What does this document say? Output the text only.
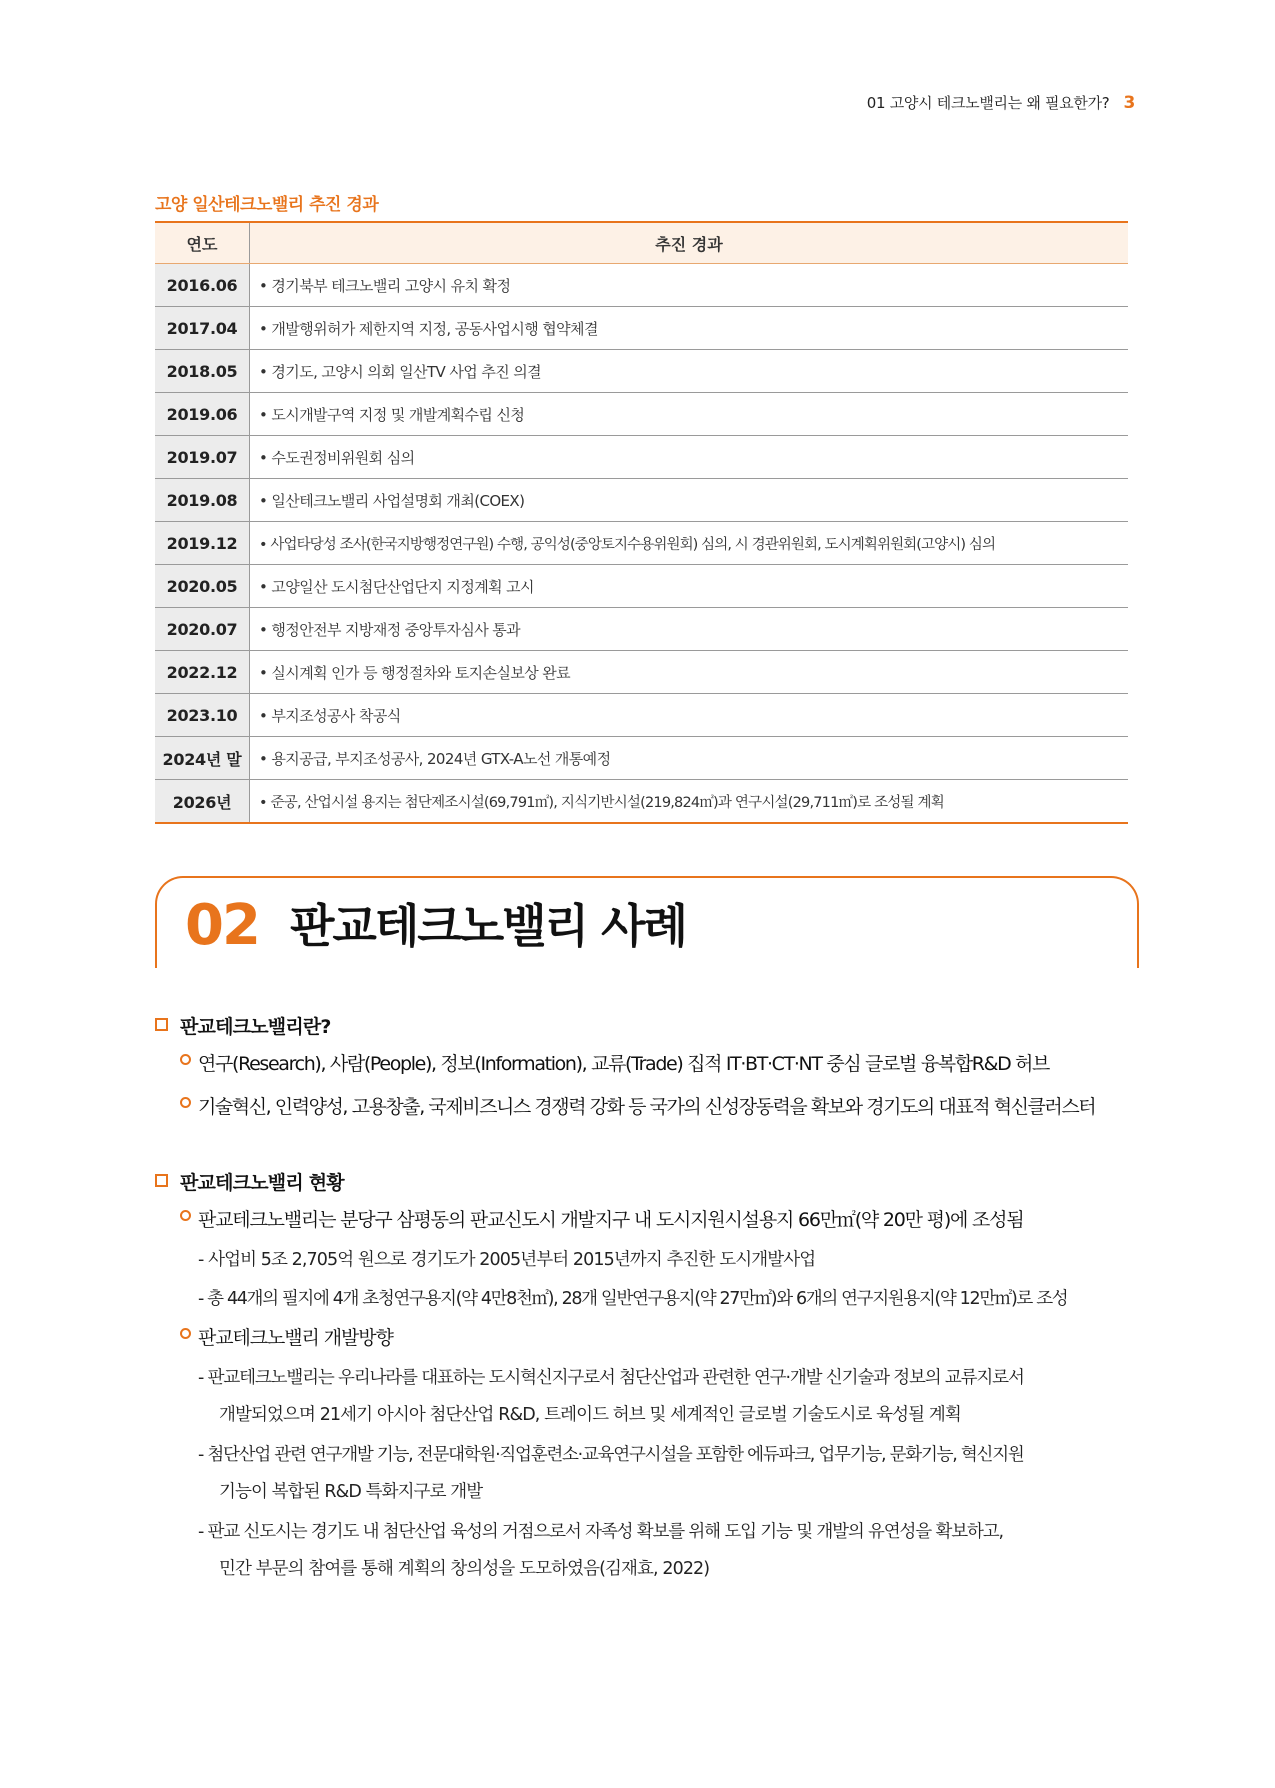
01 고양시 테크노밸리는 왜 필요한가? 3
고양 일산테크노밸리 추진 경과
연도	추진 경과
2016.06	• 경기북부 테크노밸리 고양시 유치 확정
2017.04	• 개발행위허가 제한지역 지정, 공동사업시행 협약체결
2018.05	• 경기도, 고양시 의회 일산TV 사업 추진 의결
2019.06	• 도시개발구역 지정 및 개발계획수립 신청
2019.07	• 수도권정비위원회 심의
2019.08	• 일산테크노밸리 사업설명회 개최(COEX)
2019.12	• 사업타당성 조사(한국지방행정연구원) 수행, 공익성(중앙토지수용위원회) 심의, 시 경관위원회, 도시계획위원회(고양시) 심의
2020.05	• 고양일산 도시첨단산업단지 지정계획 고시
2020.07	• 행정안전부 지방재정 중앙투자심사 통과
2022.12	• 실시계획 인가 등 행정절차와 토지손실보상 완료
2023.10	• 부지조성공사 착공식
2024년 말	• 용지공급, 부지조성공사, 2024년 GTX-A노선 개통예정
2026년	• 준공, 산업시설 용지는 첨단제조시설(69,791㎡), 지식기반시설(219,824㎡)과 연구시설(29,711㎡)로 조성될 계획
02 판교테크노밸리 사례
판교테크노밸리란?
연구(Research), 사람(People), 정보(Information), 교류(Trade) 집적 IT·BT·CT·NT 중심 글로벌 융복합R&D 허브
기술혁신, 인력양성, 고용창출, 국제비즈니스 경쟁력 강화 등 국가의 신성장동력을 확보와 경기도의 대표적 혁신클러스터
판교테크노밸리 현황
판교테크노밸리는 분당구 삼평동의 판교신도시 개발지구 내 도시지원시설용지 66만㎡(약 20만 평)에 조성됨
- 사업비 5조 2,705억 원으로 경기도가 2005년부터 2015년까지 추진한 도시개발사업
- 총 44개의 필지에 4개 초청연구용지(약 4만8천㎡), 28개 일반연구용지(약 27만㎡)와 6개의 연구지원용지(약 12만㎡)로 조성
판교테크노밸리 개발방향
- 판교테크노밸리는 우리나라를 대표하는 도시혁신지구로서 첨단산업과 관련한 연구·개발 신기술과 정보의 교류지로서
개발되었으며 21세기 아시아 첨단산업 R&D, 트레이드 허브 및 세계적인 글로벌 기술도시로 육성될 계획
- 첨단산업 관련 연구개발 기능, 전문대학원·직업훈련소·교육연구시설을 포함한 에듀파크, 업무기능, 문화기능, 혁신지원
기능이 복합된 R&D 특화지구로 개발
- 판교 신도시는 경기도 내 첨단산업 육성의 거점으로서 자족성 확보를 위해 도입 기능 및 개발의 유연성을 확보하고,
민간 부문의 참여를 통해 계획의 창의성을 도모하였음(김재효, 2022)
